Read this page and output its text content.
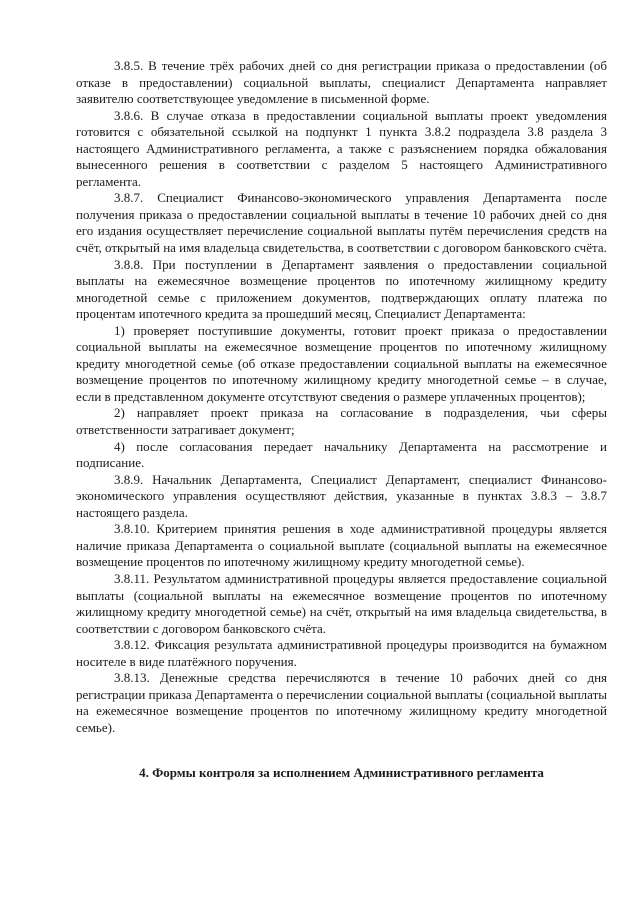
3.8.5. В течение трёх рабочих дней со дня регистрации приказа о предоставлении (об отказе в предоставлении) социальной выплаты, специалист Департамента направляет заявителю соответствующее уведомление в письменной форме.

3.8.6. В случае отказа в предоставлении социальной выплаты проект уведомления готовится с обязательной ссылкой на подпункт 1 пункта 3.8.2 подраздела 3.8 раздела 3 настоящего Административного регламента, а также с разъяснением порядка обжалования вынесенного решения в соответствии с разделом 5 настоящего Административного регламента.

3.8.7. Специалист Финансово-экономического управления Департамента после получения приказа о предоставлении социальной выплаты в течение 10 рабочих дней со дня его издания осуществляет перечисление социальной выплаты путём перечисления средств на счёт, открытый на имя владельца свидетельства, в соответствии с договором банковского счёта.

3.8.8. При поступлении в Департамент заявления о предоставлении социальной выплаты на ежемесячное возмещение процентов по ипотечному жилищному кредиту многодетной семье с приложением документов, подтверждающих оплату платежа по процентам ипотечного кредита за прошедший месяц, Специалист Департамента:

1) проверяет поступившие документы, готовит проект приказа о предоставлении социальной выплаты на ежемесячное возмещение процентов по ипотечному жилищному кредиту многодетной семье (об отказе предоставлении социальной выплаты на ежемесячное возмещение процентов по ипотечному жилищному кредиту многодетной семье – в случае, если в представленном документе отсутствуют сведения о размере уплаченных процентов);

2) направляет проект приказа на согласование в подразделения, чьи сферы ответственности затрагивает документ;

4) после согласования передает начальнику Департамента на рассмотрение и подписание.

3.8.9. Начальник Департамента, Специалист Департамент, специалист Финансово-экономического управления осуществляют действия, указанные в пунктах 3.8.3 – 3.8.7 настоящего раздела.

3.8.10. Критерием принятия решения в ходе административной процедуры является наличие приказа Департамента о социальной выплате (социальной выплаты на ежемесячное возмещение процентов по ипотечному жилищному кредиту многодетной семье).

3.8.11. Результатом административной процедуры является предоставление социальной выплаты (социальной выплаты на ежемесячное возмещение процентов по ипотечному жилищному кредиту многодетной семье) на счёт, открытый на имя владельца свидетельства, в соответствии с договором банковского счёта.

3.8.12. Фиксация результата административной процедуры производится на бумажном носителе в виде платёжного поручения.

3.8.13. Денежные средства перечисляются в течение 10 рабочих дней со дня регистрации приказа Департамента о перечислении социальной выплаты (социальной выплаты на ежемесячное возмещение процентов по ипотечному жилищному кредиту многодетной семье).

4. Формы контроля за исполнением Административного регламента
